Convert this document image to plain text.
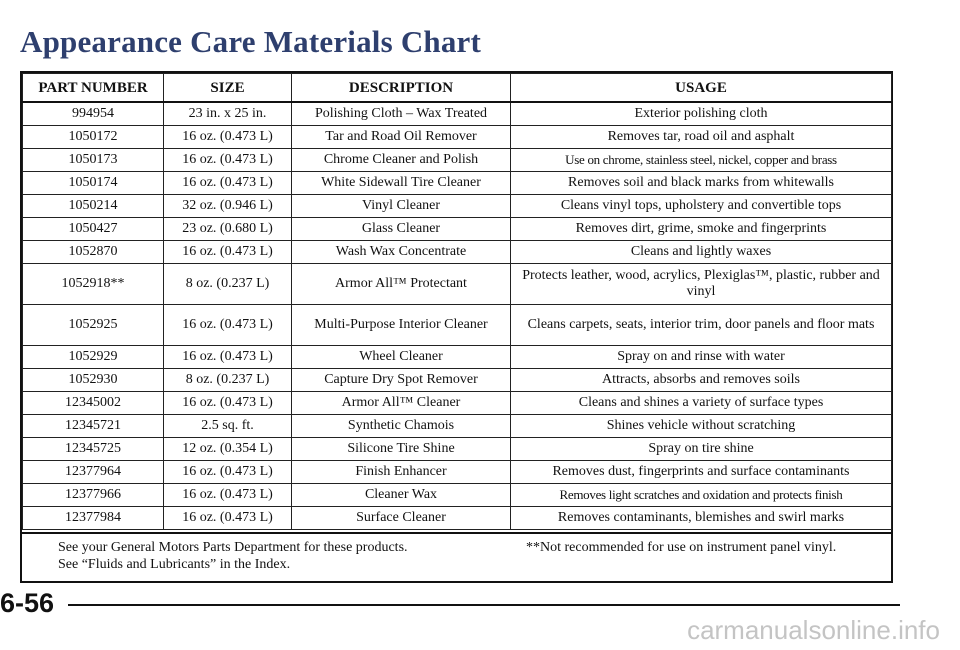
Appearance Care Materials Chart
PART NUMBER	SIZE	DESCRIPTION	USAGE
994954	23 in. x 25 in.	Polishing Cloth – Wax Treated	Exterior polishing cloth
1050172	16 oz. (0.473 L)	Tar and Road Oil Remover	Removes tar, road oil and asphalt
1050173	16 oz. (0.473 L)	Chrome Cleaner and Polish	Use on chrome, stainless steel, nickel, copper and brass
1050174	16 oz. (0.473 L)	White Sidewall Tire Cleaner	Removes soil and black marks from whitewalls
1050214	32 oz. (0.946 L)	Vinyl Cleaner	Cleans vinyl tops, upholstery and convertible tops
1050427	23 oz. (0.680 L)	Glass Cleaner	Removes dirt, grime, smoke and fingerprints
1052870	16 oz. (0.473 L)	Wash Wax Concentrate	Cleans and lightly waxes
1052918**	8 oz. (0.237 L)	Armor All™ Protectant	Protects leather, wood, acrylics, Plexiglas™, plastic, rubber and vinyl
1052925	16 oz. (0.473 L)	Multi-Purpose Interior Cleaner	Cleans carpets, seats, interior trim, door panels and floor mats
1052929	16 oz. (0.473 L)	Wheel Cleaner	Spray on and rinse with water
1052930	8 oz. (0.237 L)	Capture Dry Spot Remover	Attracts, absorbs and removes soils
12345002	16 oz. (0.473 L)	Armor All™ Cleaner	Cleans and shines a variety of surface types
12345721	2.5 sq. ft.	Synthetic Chamois	Shines vehicle without scratching
12345725	12 oz. (0.354 L)	Silicone Tire Shine	Spray on tire shine
12377964	16 oz. (0.473 L)	Finish Enhancer	Removes dust, fingerprints and surface contaminants
12377966	16 oz. (0.473 L)	Cleaner Wax	Removes light scratches and oxidation and protects finish
12377984	16 oz. (0.473 L)	Surface Cleaner	Removes contaminants, blemishes and swirl marks
See your General Motors Parts Department for these products.
See “Fluids and Lubricants” in the Index.
**Not recommended for use on instrument panel vinyl.
6-56
carmanualsonline.info
